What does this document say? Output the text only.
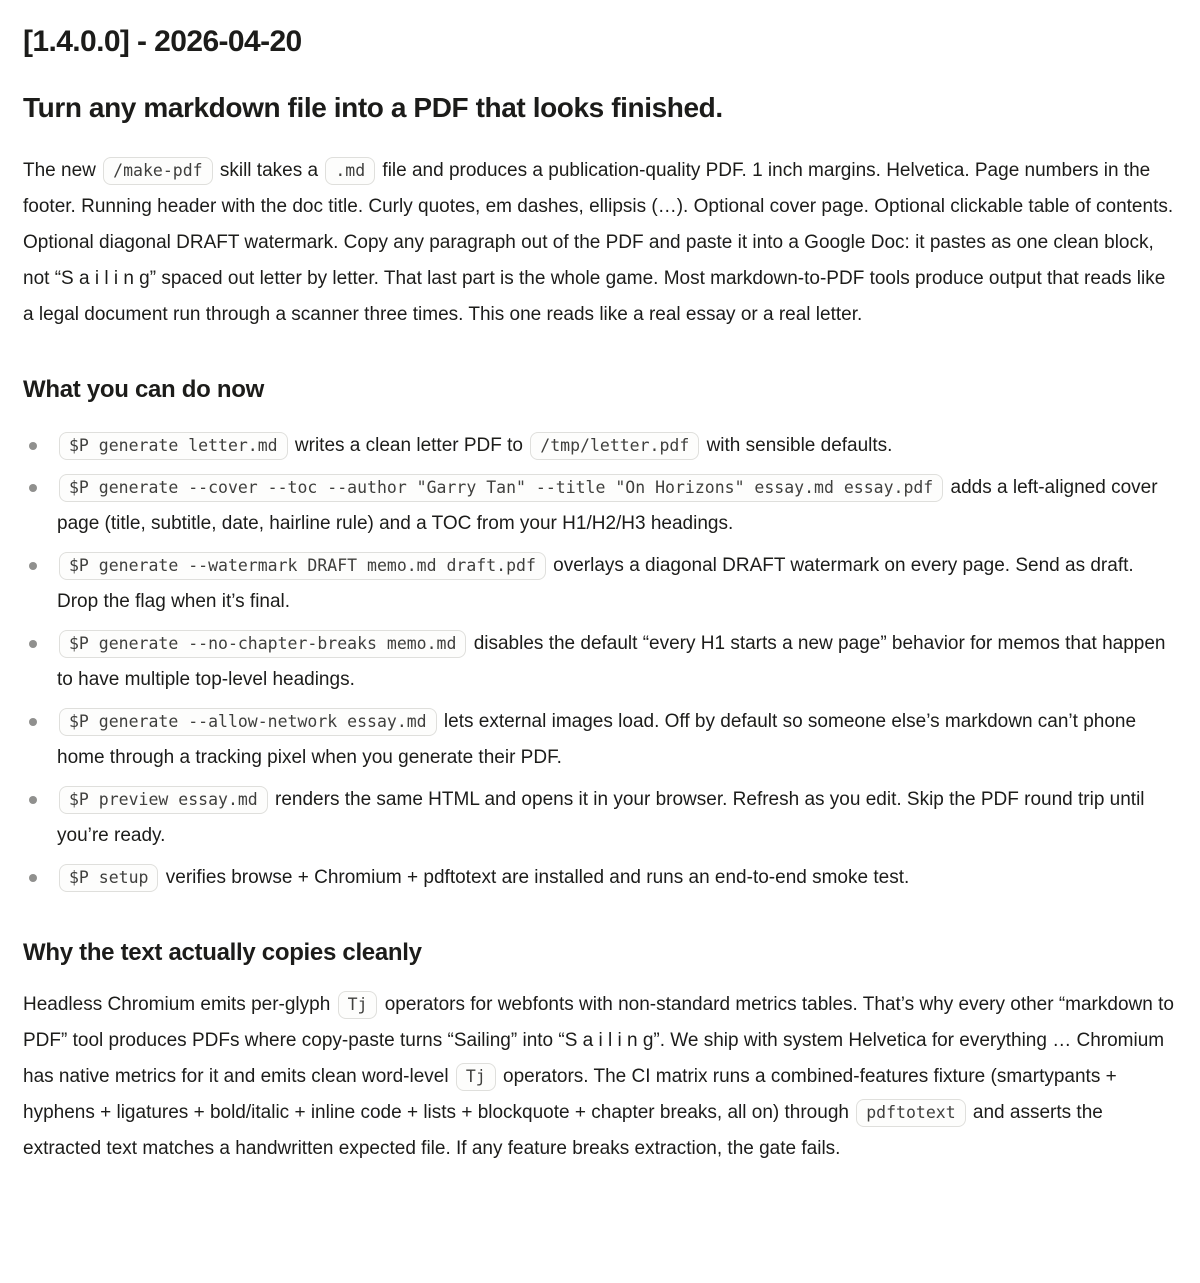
[1.4.0.0] - 2026-04-20
Turn any markdown file into a PDF that looks finished.

The new /make-pdf skill takes a .md file and produces a publication-quality PDF. 1 inch margins. Helvetica. Page numbers in the footer. Running header with the doc title. Curly quotes, em dashes, ellipsis (…). Optional cover page. Optional clickable table of contents. Optional diagonal DRAFT watermark. Copy any paragraph out of the PDF and paste it into a Google Doc: it pastes as one clean block, not “S a i l i n g” spaced out letter by letter. That last part is the whole game. Most markdown-to-PDF tools produce output that reads like a legal document run through a scanner three times. This one reads like a real essay or a real letter.

What you can do now
$P generate letter.md writes a clean letter PDF to /tmp/letter.pdf with sensible defaults.
$P generate --cover --toc --author "Garry Tan" --title "On Horizons" essay.md essay.pdf adds a left-aligned cover page (title, subtitle, date, hairline rule) and a TOC from your H1/H2/H3 headings.
$P generate --watermark DRAFT memo.md draft.pdf overlays a diagonal DRAFT watermark on every page. Send as draft. Drop the flag when it’s final.
$P generate --no-chapter-breaks memo.md disables the default “every H1 starts a new page” behavior for memos that happen to have multiple top-level headings.
$P generate --allow-network essay.md lets external images load. Off by default so someone else’s markdown can’t phone home through a tracking pixel when you generate their PDF.
$P preview essay.md renders the same HTML and opens it in your browser. Refresh as you edit. Skip the PDF round trip until you’re ready.
$P setup verifies browse + Chromium + pdftotext are installed and runs an end-to-end smoke test.
Why the text actually copies cleanly

Headless Chromium emits per-glyph Tj operators for webfonts with non-standard metrics tables. That’s why every other “markdown to PDF” tool produces PDFs where copy-paste turns “Sailing” into “S a i l i n g”. We ship with system Helvetica for everything … Chromium has native metrics for it and emits clean word-level Tj operators. The CI matrix runs a combined-features fixture (smartypants + hyphens + ligatures + bold/italic + inline code + lists + blockquote + chapter breaks, all on) through pdftotext and asserts the extracted text matches a handwritten expected file. If any feature breaks extraction, the gate fails.
